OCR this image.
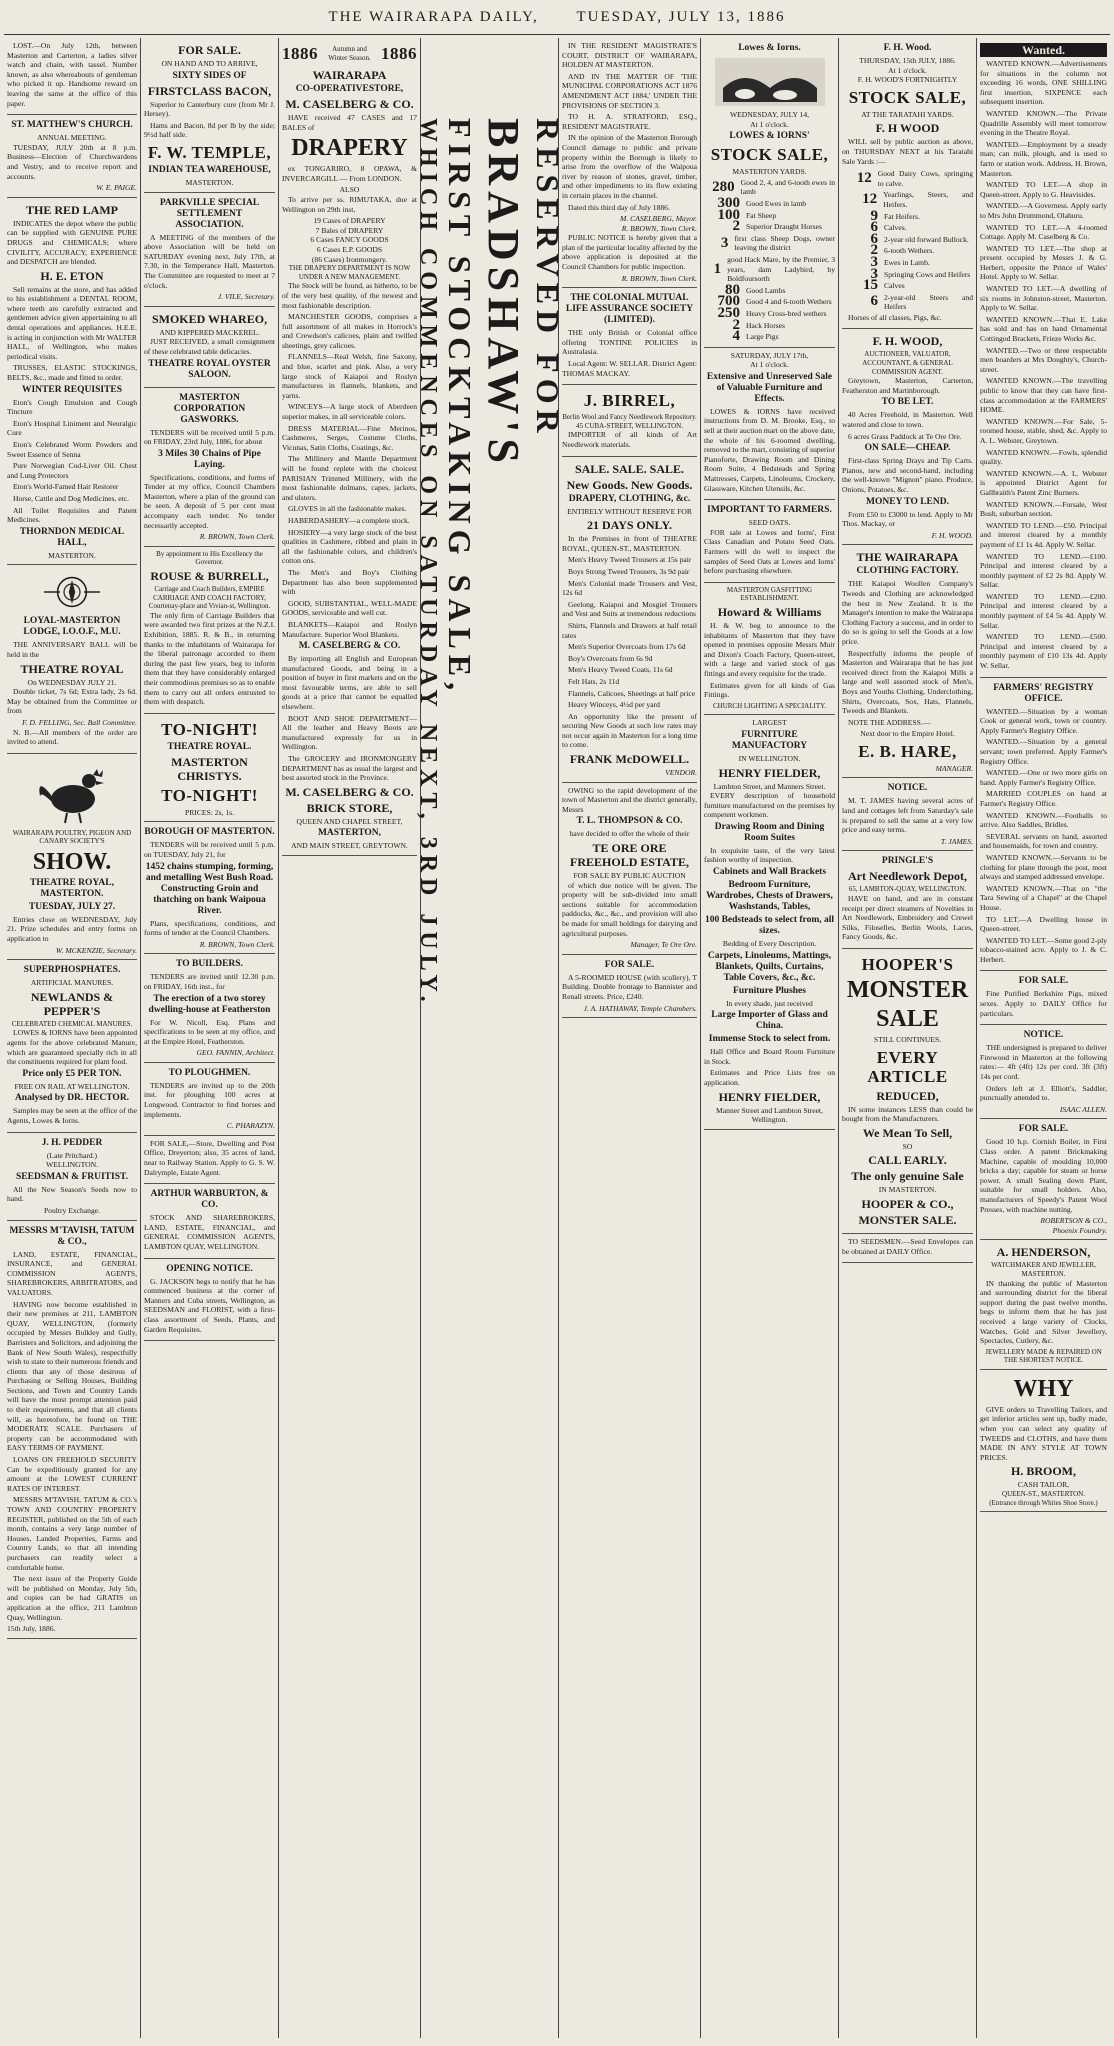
THE WAIRARAPA DAILY,	TUESDAY, JULY 13, 1886

LOST.—On July 12th, between Masterton and Carterton, a ladies silver watch and chain, with tassel. Number known, as also whereabouts of gentleman who picked it up. Handsome reward on leaving the same at the office of this paper.

ST. MATTHEW'S CHURCH.
ANNUAL MEETING.

TUESDAY, JULY 20th at 8 p.m. Business—Election of Churchwardens and Vestry, and to receive report and accounts.

W. E. PAIGE.
THE RED LAMP

INDICATES the depot where the public can be supplied with GENUINE PURE DRUGS and CHEMICALS; where CIVILITY, ACCURACY, EXPERIENCE and DESPATCH are blended.

H. E. ETON

Sell remains at the store, and has added to his establishment a DENTAL ROOM, where teeth are carefully extracted and gentlemen advice given appertaining to all dental operations and appliances. H.E.E. is acting in conjunction with Mr WALTER HALL, of Wellington, who makes periodical visits.

TRUSSES, ELASTIC STOCKINGS, BELTS, &c., made and fitted to order.

WINTER REQUISITES

Eton's Cough Emulsion and Cough Tincture

Eton's Hospital Liniment and Neuralgic Cure

Eton's Celebrated Worm Powders and Sweet Essence of Senna

Pure Norwegian Cod-Liver Oil. Chest and Lung Protectors

Eton's World-Famed Hair Restorer

Horse, Cattle and Dog Medicines, etc.

All Toilet Requisites and Patent Medicines.

THORNDON MEDICAL HALL,
MASTERTON.
LOYAL-MASTERTON LODGE, I.O.O.F., M.U.

THE ANNIVERSARY BALL will be held in the

THEATRE ROYAL
On WEDNESDAY JULY 21.

Double ticket, 7s 6d; Extra lady, 2s 6d. May be obtained from the Committee or from

F. D. FELLING, Sec. Ball Committee.

N. B.—All members of the order are invited to attend.

WAIRARAPA POULTRY, PIGEON AND CANARY SOCIETY'S
SHOW.
THEATRE ROYAL, MASTERTON.
TUESDAY, JULY 27.

Entries close on WEDNESDAY, July 21. Prize schedules and entry forms on application to

W. MCKENZIE, Secretary.
SUPERPHOSPHATES.
ARTIFICIAL MANURES.
NEWLANDS & PEPPER'S
CELEBRATED CHEMICAL MANURES.

LOWES & IORNS have been appointed agents for the above celebrated Manure, which are guaranteed specially rich in all the constituents required for plant food.

Price only £5 PER TON.
FREE ON RAIL AT WELLINGTON.
Analysed by DR. HECTOR.

Samples may be seen at the office of the Agents, Lowes & Iorns.

J. H. PEDDER
(Late Pritchard.)
WELLINGTON.
SEEDSMAN & FRUITIST.

All the New Season's Seeds now to hand.

Poultry Exchange.
MESSRS M'TAVISH, TATUM & CO.,

LAND, ESTATE, FINANCIAL, INSURANCE, and GENERAL COMMISSION AGENTS, SHAREBROKERS, ARBITRATORS, and VALUATORS.

HAVING now become established in their new premises at 211, LAMBTON QUAY, WELLINGTON, (formerly occupied by Messrs Bulkley and Gully, Barristers and Solicitors, and adjoining the Bank of New South Wales), respectfully wish to state to their numerous friends and clients that any of those desirous of Purchasing or Selling Houses, Building Sections, and Town and Country Lands will have the most prompt attention paid to their requirements, and that all clients will, as heretofore, be found on THE MODERATE SCALE. Purchasers of property can be accommodated with EASY TERMS OF PAYMENT.

LOANS ON FREEHOLD SECURITY Can be expeditiously granted for any amount at the LOWEST CURRENT RATES OF INTEREST.

MESSRS M'TAVISH, TATUM & CO.'s TOWN AND COUNTRY PROPERTY REGISTER, published on the 5th of each month, contains a very large number of Houses, Landed Properties, Farms and Country Lands, so that all intending purchasers can readily select a comfortable home.

The next issue of the Property Guide will be published on Monday, July 5th, and copies can be had GRATIS on application at the office, 211 Lambton Quay, Wellington.

15th July, 1886.
FOR SALE.
ON HAND AND TO ARRIVE,
SIXTY SIDES OF
FIRSTCLASS BACON,

Superior to Canterbury cure (from Mr J. Hersey).

Hams and Bacon, 8d per lb by the side; 9½d half side.

F. W. TEMPLE,
INDIAN TEA WAREHOUSE,
MASTERTON.
PARKVILLE SPECIAL SETTLEMENT ASSOCIATION.

A MEETING of the members of the above Association will be held on SATURDAY evening next, July 17th, at 7.30, in the Temperance Hall, Masterton. The Committee are requested to meet at 7 o'clock.

J. VILE, Secretary.
SMOKED WHAREO,
AND KIPPERED MACKEREL.

JUST RECEIVED, a small consignment of these celebrated table delicacies.

THEATRE ROYAL OYSTER SALOON.
MASTERTON CORPORATION GASWORKS.

TENDERS will be received until 5 p.m. on FRIDAY, 23rd July, 1886, for about

3 Miles 30 Chains of Pipe Laying.

Specifications, conditions, and forms of Tender at my office, Council Chambers Masterton, where a plan of the ground can be seen. A deposit of 5 per cent must accompany each tender. No tender necessarily accepted.

R. BROWN, Town Clerk.
By appointment to His Excellency the Governor.
ROUSE & BURRELL,
Carriage and Coach Builders, EMPIRE CARRIAGE AND COACH FACTORY,
Courtenay-place and Vivian-st, Wellington.

The only firm of Carriage Builders that were awarded two first prizes at the N.Z.I. Exhibition, 1885. R. & B., in returning thanks to the inhabitants of Wairarapa for the liberal patronage accorded to them during the past few years, beg to inform them that they have considerably enlarged their commodious premises so as to enable them to carry out all orders entrusted to them with despatch.

TO-NIGHT!
THEATRE ROYAL.
MASTERTON CHRISTYS.
TO-NIGHT!
PRICES: 2s, 1s.
BOROUGH OF MASTERTON.

TENDERS will be received until 5 p.m. on TUESDAY, July 21, for

1452 chains stumping, forming, and metalling West Bush Road. Constructing Groin and thatching on bank Waipoua River.

Plans, specifications, conditions, and forms of tender at the Council Chambers.

R. BROWN, Town Clerk.
TO BUILDERS.

TENDERS are invited until 12.30 p.m. on FRIDAY, 16th inst., for

The erection of a two storey dwelling-house at Featherston

For W. Nicoll, Esq. Plans and specifications to be seen at my office, and at the Empire Hotel, Featherston.

GEO. FANNIN, Architect.
TO PLOUGHMEN.

TENDERS are invited up to the 20th inst. for ploughing 100 acres at Longwood. Contractor to find horses and implements.

C. PHARAZYN.

FOR SALE,—Store, Dwelling and Post Office, Dreyerton; also, 35 acres of land, near to Railway Station. Apply to G. S. W. Dalrymple, Estate Agent.

ARTHUR WARBURTON, & CO.

STOCK AND SHAREBROKERS, LAND, ESTATE, FINANCIAL, and GENERAL COMMISSION AGENTS, LAMBTON QUAY, WELLINGTON.

OPENING NOTICE.

G. JACKSON begs to notify that he has commenced business at the corner of Manners and Cuba streets, Wellington, as SEEDSMAN and FLORIST, with a first-class assortment of Seeds, Plants, and Garden Requisites.

1886	Autumn and Winter Season. 1886
WAIRARAPA
CO-OPERATIVESTORE,
M. CASELBERG & CO.

HAVE received 47 CASES and 17 BALES of

DRAPERY

ex TONGARIRO, 8 OPAWA, & INVERCARGILL — From LONDON.

ALSO

To arrive per ss. RIMUTAKA, due at Wellington on 29th inst,

19 Cases of DRAPERY
7 Bales of DRAPERY
6 Cases FANCY GOODS
6 Cases E.P. GOODS
(86 Cases) Ironmongery.
THE DRAPERY DEPARTMENT IS NOW UNDER A NEW MANAGEMENT.

The Stock will be found, as hitherto, to be of the very best quality, of the newest and most fashionable description.

MANCHESTER GOODS, comprises a full assortment of all makes in Horrock's and Crewdson's calicoes, plain and twilled sheetings, grey calicoes.

FLANNELS—Real Welsh, fine Saxony, and blue, scarlet and pink. Also, a very large stock of Kaiapoi and Roslyn manufactures in flannels, blankets, and yarns.

WINCEYS—A large stock of Aberdeen superior makes, in all serviceable colors.

DRESS MATERIAL—Fine Merinos, Cashmeres, Serges, Costume Cloths, Vicunas, Satin Cloths, Coatings, &c.

The Millinery and Mantle Department will be found replete with the choicest PARISIAN Trimmed Millinery, with the most fashionable dolmans, capes, jackets, and ulsters.

GLOVES in all the fashionable makes.

HABERDASHERY—a complete stock.

HOSIERY—a very large stock of the best qualities in Cashmere, ribbed and plain in all the fashionable colors, and children's cotton ons.

The Men's and Boy's Clothing Department has also been supplemented with

GOOD, SUBSTANTIAL, WELL-MADE GOODS, serviceable and well cut.

BLANKETS—Kaiapoi and Roslyn Manufacture. Superior Wool Blankets.

M. CASELBERG & CO.

By importing all English and European manufactured Goods, and being in a position of buyer in first markets and on the most favourable terms, are able to sell goods at a price that cannot be equalled elsewhere.

BOOT AND SHOE DEPARTMENT—All the leather and Heavy Boots are manufactured expressly for us in Wellington.

The GROCERY and IRONMONGERY DEPARTMENT has as usual the largest and best assorted stock in the Province.

M. CASELBERG & CO.
BRICK STORE,
QUEEN AND CHAPEL STREET,
MASTERTON,
AND MAIN STREET, GREYTOWN. WHICH COMMENCES ON SATURDAY NEXT, 3RD JULY. FIRST STOCKTAKING SALE, BRADSHAW'S RESERVED FOR

IN THE RESIDENT MAGISTRATE'S COURT, DISTRICT OF WAIRARAPA, HOLDEN AT MASTERTON.

AND IN THE MATTER OF 'THE MUNICIPAL CORPORATIONS ACT 1876 AMENDMENT ACT 1884,' UNDER THE PROVISIONS OF SECTION 3.

TO H. A. STRATFORD, ESQ., RESIDENT MAGISTRATE.

IN the opinion of the Masterton Borough Council damage to public and private property within the Borough is likely to arise from the overflow of the Waipoua river by reason of stones, gravel, timber, and other impediments to its flow existing in certain places in the channel.

Dated this third day of July 1886.

M. CASELBERG, Mayor.
R. BROWN, Town Clerk.

PUBLIC NOTICE is hereby given that a plan of the particular locality affected by the above application is deposited at the Council Chambers for public inspection.

R. BROWN, Town Clerk.
THE COLONIAL MUTUAL LIFE ASSURANCE SOCIETY (LIMITED).

THE only British or Colonial office offering TONTINE POLICIES in Australasia.

Local Agent: W. SELLAR. District Agent: THOMAS MACKAY.

J. BIRREL,
Berlin Wool and Fancy Needlework Repository.
45 CUBA-STREET, WELLINGTON.

IMPORTER of all kinds of Art Needlework materials.

SALE. SALE. SALE.
New Goods. New Goods.
DRAPERY, CLOTHING, &c.
ENTIRELY WITHOUT RESERVE FOR
21 DAYS ONLY.

In the Premises in front of THEATRE ROYAL, QUEEN-ST., MASTERTON.

Men's Heavy Tweed Trousers at 15s pair

Boys Strong Tweed Trousers, 3s 9d pair

Men's Colonial made Trousers and Vest, 12s 6d

Geelong, Kaiapoi and Mosgiel Trousers and Vest and Suits at tremendous reductions

Shirts, Flannels and Drawers at half retail rates

Men's Superior Overcoats from 17s 6d

Boy's Overcoats from 6s 9d

Men's Heavy Tweed Coats, 11s 6d

Felt Hats, 2s 11d

Flannels, Calicoes, Sheetings at half price

Heavy Winceys, 4½d per yard

An opportunity like the present of securing New Goods at such low rates may not occur again in Masterton for a long time to come.

FRANK McDOWELL.
VENDOR.

OWING to the rapid development of the town of Masterton and the district generally, Messrs

T. L. THOMPSON & CO.
have decided to offer the whole of their
TE ORE ORE FREEHOLD ESTATE,
FOR SALE BY PUBLIC AUCTION

of which due notice will be given. The property will be sub-divided into small sections suitable for accommodation paddocks, &c., &c., and provision will also be made for small holdings for dairying and agricultural purposes.

Manager, Te Ore Ore.
FOR SALE.

A 5-ROOMED HOUSE (with scullery), T Building. Double frontage to Bannister and Renall streets. Price, £240.

J. A. HATHAWAY, Temple Chambers.
Lowes & Iorns.
WEDNESDAY, JULY 14,
At 1 o'clock.
LOWES & IORNS'
STOCK SALE,
MASTERTON YARDS.
280 Good 2, 4, and 6-tooth ewes in lamb
300 Good Ewes in lamb
100 Fat Sheep
2 Superior Draught Horses
3 first class Sheep Dogs, owner leaving the district
1
good Hack Mare, by the Premier, 3 years, dam Ladybird, by Boldfoursorth
80 Good Lambs
700 Good 4 and 6-tooth Wethers
250 Heavy Cross-bred wethers
2 Hack Horses
4 Large Pigs
SATURDAY, JULY 17th,
At 1 o'clock.
Extensive and Unreserved Sale of Valuable Furniture and Effects.

LOWES & IORNS have received instructions from D. M. Brooke, Esq., to sell at their auction mart on the above date, the whole of his 6-roomed dwelling, removed to the mart, consisting of superior Pianoforte, Drawing Room and Dining Room Suite, 4 Bedsteads and Spring Mattresses, Carpets, Linoleums, Crockery, Glassware, Kitchen Utensils, &c.

IMPORTANT TO FARMERS.
SEED OATS.

FOR sale at Lowes and Iorns', First Class Canadian and Potato Seed Oats. Farmers will do well to inspect the samples of Seed Oats at Lowes and Iorns' before purchasing elsewhere.

MASTERTON GASFITTING ESTABLISHMENT.
Howard & Williams

H. & W. beg to announce to the inhabitants of Masterton that they have opened in premises opposite Messrs Muir and Dixon's Coach Factory, Queen-street, with a large and varied stock of gas fittings and every requisite for the trade.

Estimates given for all kinds of Gas Fittings.

CHURCH LIGHTING A SPECIALITY.
LARGEST
FURNITURE MANUFACTORY
IN WELLINGTON.
HENRY FIELDER,
Lambton Street, and Manners Street.

EVERY description of household furniture manufactured on the premises by competent workmen.

Drawing Room and Dining Room Suites

In exquisite taste, of the very latest fashion worthy of inspection.

Cabinets and Wall Brackets
Bedroom Furniture, Wardrobes, Chests of Drawers, Washstands, Tables,
100 Bedsteads to select from, all sizes.
Bedding of Every Description.
Carpets, Linoleums, Mattings, Blankets, Quilts, Curtains, Table Covers, &c., &c.
Furniture Plushes
In every shade, just received
Large Importer of Glass and China.
Immense Stock to select from.

Hall Office and Board Room Furniture in Stock.

Estimates and Price Lists free on application.

HENRY FIELDER,
Manner Street and Lambton Street, Wellington.
F. H. Wood.
THURSDAY, 15th JULY, 1886.
At 1 o'clock.
F. H. WOOD'S FORTNIGHTLY
STOCK SALE,
AT THE TARATAHI YARDS.
F. H WOOD

WILL sell by public auction as above, on THURSDAY NEXT at his Taratahi Sale Yards :—

12 Good Dairy Cows, springing to calve.
12 Yearlings, Steers, and Heifers.
9 Fat Heifers.
6 Calves.
6 2-year old forward Bullock.
2 6-tooth Wethers.
3 Ewes in Lamb.
3 Springing Cows and Heifers
15 Calves
6 2-year-old Steers and Heifers

Horses of all classes, Pigs, &c.

F. H. WOOD,
AUCTIONEER, VALUATOR, ACCOUNTANT, & GENERAL COMMISSION AGENT.

Greytown, Masterton, Carterton, Featherston and Martinborough.

TO BE LET.

40 Acres Freehold, in Masterton. Well watered and close to town.

6 acres Grass Paddock at Te Ore Ore.

ON SALE—CHEAP.

First-class Spring Drays and Tip Carts. Pianos, new and second-hand, including the well-known "Mignon" piano. Produce, Onions, Potatoes, &c.

MONEY TO LEND.

From £50 to £3000 to lend. Apply to Mr Thos. Mackay, or

F. H. WOOD.
THE WAIRARAPA
CLOTHING FACTORY.

THE Kaiapoi Woollen Company's Tweeds and Clothing are acknowledged the best in New Zealand. It is the Manager's intention to make the Wairarapa Clothing Factory a success, and in order to do so is going to sell the Goods at a low price.

Respectfully informs the people of Masterton and Wairarapa that he has just received direct from the Kaiapoi Mills a large and well assorted stock of Men's, Boys and Youths Clothing, Underclothing, Shirts, Overcoats, Sox, Hats, Flannels, Tweeds and Blankets.

NOTE THE ADDRESS.—

Next door to the Empire Hotel.
E. B. HARE,
MANAGER.
NOTICE.

M. T. JAMES having several acres of land and cottages left from Saturday's sale is prepared to sell the same at a very low price and easy terms.

T. JAMES.
PRINGLE'S
Art Needlework Depot,
65, LAMBTON-QUAY, WELLINGTON.

HAVE on hand, and are in constant receipt per direct steamers of Novelties in Art Needlework, Embroidery and Crewel Silks, Filoselles, Berlin Wools, Laces, Fancy Goods, &c.

HOOPER'S
MONSTER
SALE
STILL CONTINUES.
EVERY ARTICLE
REDUCED,

IN some instances LESS than could be bought from the Manufacturers.

We Mean To Sell,
SO
CALL EARLY.
The only genuine Sale
IN MASTERTON.
HOOPER & CO.,
MONSTER SALE.

TO SEEDSMEN.—Seed Envelopes can be obtained at DAILY Office.

Wanted.

WANTED KNOWN.—Advertisements for situations in the column not exceeding 16 words, ONE SHILLING first insertion, SIXPENCE each subsequent insertion.

WANTED KNOWN.—The Private Quadrille Assembly will meet tomorrow evening in the Theatre Royal.

WANTED.—Employment by a steady man; can milk, plough, and is used to farm or station work. Address, H. Brown, Masterton.

WANTED TO LET.—A shop in Queen-street. Apply to G. Heavisides.

WANTED.—A Governess. Apply early to Mrs John Drummond, Olahuru.

WANTED TO LET.—A 4-roomed Cottage. Apply M. Caselberg & Co.

WANTED TO LET.—The shop at present occupied by Messrs J. & G. Herbert, opposite the Prince of Wales' Hotel. Apply to W. Sellar.

WANTED TO LET.—A dwelling of six rooms in Johnston-street, Masterton. Apply to W. Sellar.

WANTED KNOWN.—That E. Lake has sold and has on hand Ornamental Cottingod Brackets, Frieze Works &c.

WANTED.—Two or three respectable men boarders at Mrs Doughty's, Church-street.

WANTED KNOWN.—The travelling public to know that they can have first-class accommodation at the FARMERS' HOME.

WANTED KNOWN.—For Sale, 5-roomed house, stable, shed, &c. Apply to A. L. Webster, Greytown.

WANTED KNOWN.—Fowls, splendid quality.

WANTED KNOWN.—A. L. Webster is appointed District Agent for Gallbraith's Patent Zinc Burners.

WANTED KNOWN.—Forsale, West Bush, suburban section.

WANTED TO LEND.—£50. Principal and interest cleared by a monthly payment of £1 1s 4d. Apply W. Sellar.

WANTED TO LEND.—£100. Principal and interest cleared by a monthly payment of £2 2s 8d. Apply W. Sellar.

WANTED TO LEND.—£200. Principal and interest cleared by a monthly payment of £4 5s 4d. Apply W. Sellar.

WANTED TO LEND.—£500. Principal and interest cleared by a monthly payment of £10 13s 4d. Apply W. Sellar.

FARMERS' REGISTRY OFFICE.

WANTED.—Situation by a woman Cook or general work, town or country. Apply Farmer's Registry Office.

WANTED.—Situation by a general servant; town preferred. Apply Farmer's Registry Office.

WANTED.—One or two more girls on hand. Apply Farmer's Registry Office.

MARRIED COUPLES on hand at Farmer's Registry Office.

WANTED KNOWN.—Footballs to arrive. Also Saddles, Bridles.

SEVERAL servants on hand, assorted and housemaids, for town and country.

WANTED KNOWN.—Servants to be clothing for plane through the post, most always and stamped addressed envelope.

WANTED KNOWN.—That on "the Tara Sewing of a Chapel" at the Chapel House.

TO LET.—A Dwelling house in Queen-street.

WANTED TO LET.—Some good 2-ply tobacco-stained acre. Apply to J. & C. Herbert.

FOR SALE.

Fine Purified Berkshire Pigs, mixed sexes. Apply to DAILY Office for particulars.

NOTICE.

THE undersigned is prepared to deliver Firewood in Masterton at the following rates:— 4ft (4ft) 12s per cord. 3ft (3ft) 14s per cord.

Orders left at J. Elliott's, Saddler, punctually attended to.

ISAAC ALLEN.
FOR SALE.

Good 10 h.p. Cornish Boiler, in First Class order. A patent Brickmaking Machine, capable of moulding 10,000 bricks a day; capable for steam or horse power. A small Sealing down Plant, suitable for small holders. Also, manufacturers of Speedy's Patent Wool Presses, with machine nutting.

ROBERTSON & CO.,
Phoenix Foundry.
A. HENDERSON,
WATCHMAKER AND JEWELLER, MASTERTON.

IN thanking the public of Masterton and surrounding district for the liberal support during the past twelve months, begs to inform them that he has just received a large variety of Clocks, Watches, Gold and Silver Jewellery, Spectacles, Cutlery, &c.

JEWELLERY MADE & REPAIRED ON THE SHORTEST NOTICE.
WHY

GIVE orders to Travelling Tailors, and get inferior articles sent up, badly made, when you can select any quality of TWEEDS and CLOTHS, and have them MADE IN ANY STYLE AT TOWN PRICES.

H. BROOM,
CASH TAILOR,
QUEEN-ST., MASTERTON.
(Entrance through Whites Shoe Store.)
